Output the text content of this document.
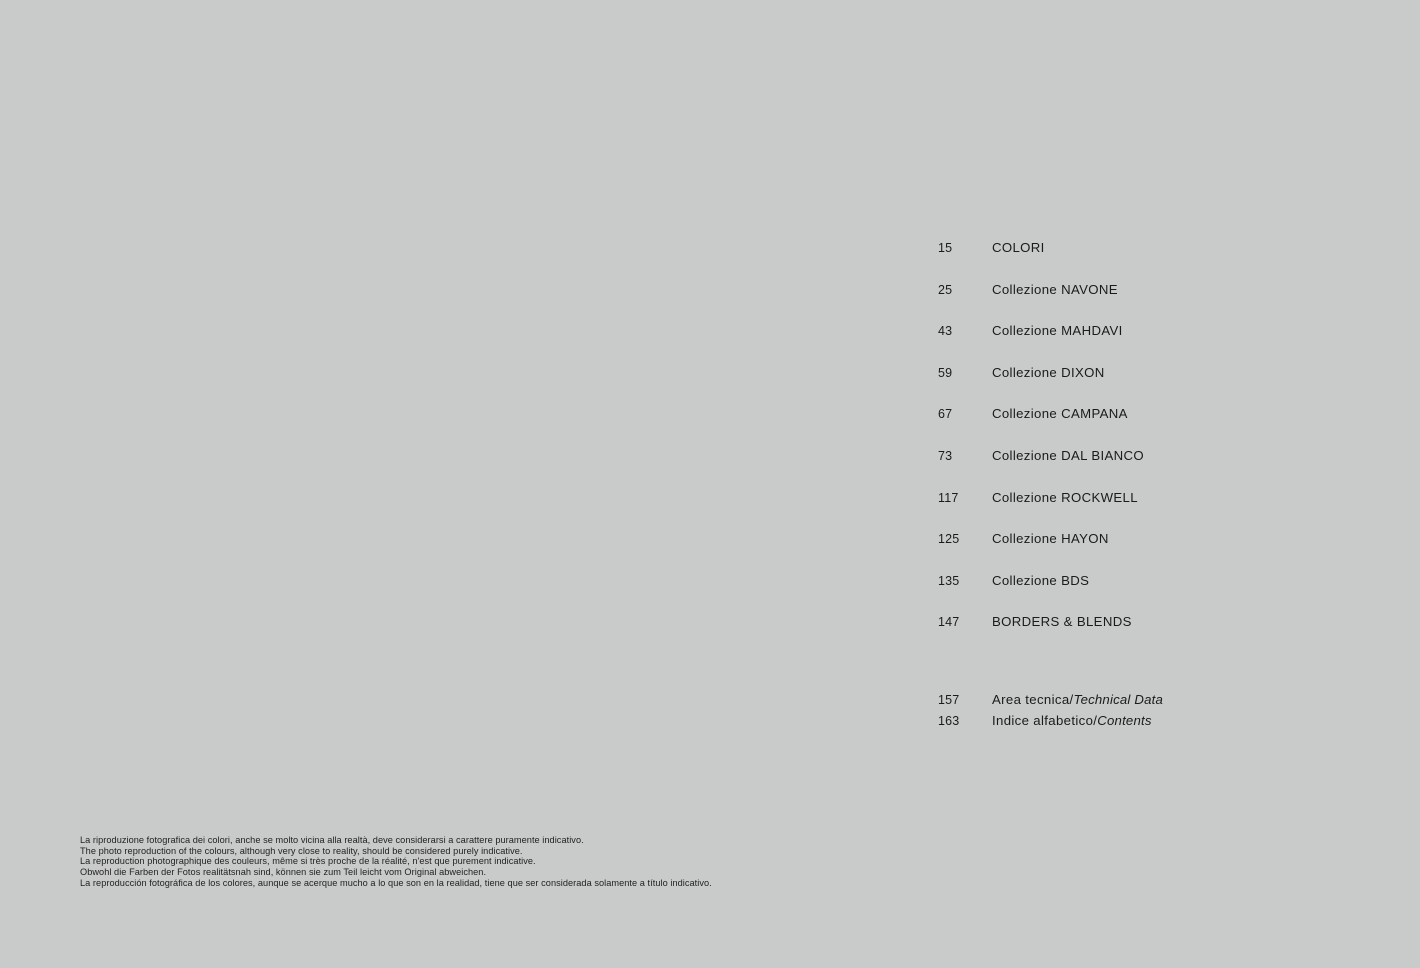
15	COLORI
25	Collezione NAVONE
43	Collezione MAHDAVI
59	Collezione DIXON
67	Collezione CAMPANA
73	Collezione DAL BIANCO
117	Collezione ROCKWELL
125	Collezione HAYON
135	Collezione BDS
147	BORDERS & BLENDS
157	Area tecnica/Technical Data
163	Indice alfabetico/Contents

La riproduzione fotografica dei colori, anche se molto vicina alla realtà, deve considerarsi a carattere puramente indicativo.

The photo reproduction of the colours, although very close to reality, should be considered purely indicative.

La reproduction photographique des couleurs, même si très proche de la réalité, n'est que purement indicative.

Obwohl die Farben der Fotos realitätsnah sind, können sie zum Teil leicht vom Original abweichen.

La reproducción fotográfica de los colores, aunque se acerque mucho a lo que son en la realidad, tiene que ser considerada solamente a título indicativo.
